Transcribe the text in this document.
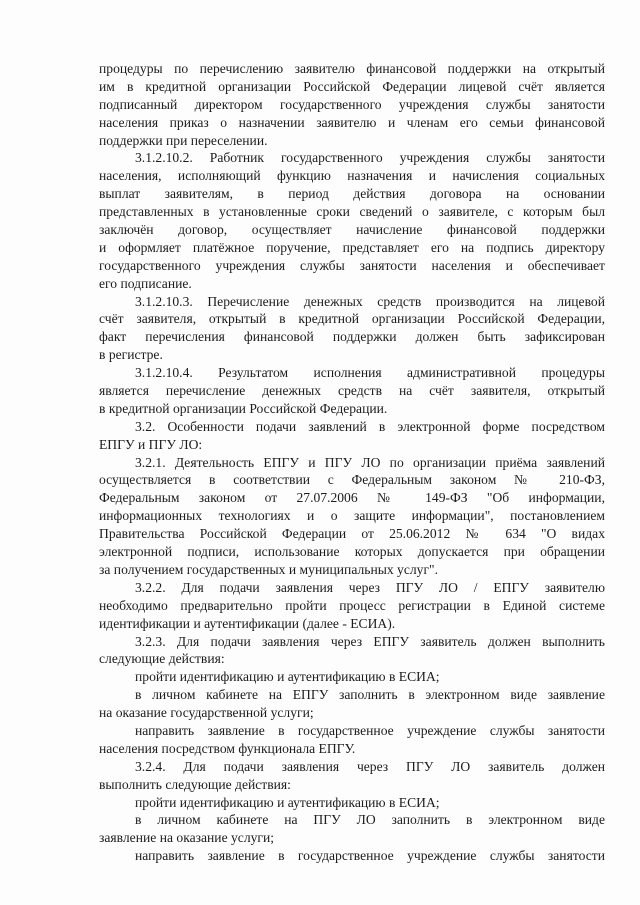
процедуры по перечислению заявителю финансовой поддержки на открытый
им в кредитной организации Российской Федерации лицевой счёт является
подписанный директором государственного учреждения службы занятости
населения приказ о назначении заявителю и членам его семьи финансовой
поддержки при переселении.
3.1.2.10.2. Работник государственного учреждения службы занятости
населения, исполняющий функцию назначения и начисления социальных
выплат заявителям, в период действия договора на основании
представленных в установленные сроки сведений о заявителе, с которым был
заключён договор, осуществляет начисление финансовой поддержки
и оформляет платёжное поручение, представляет его на подпись директору
государственного учреждения службы занятости населения и обеспечивает
его подписание.
3.1.2.10.3. Перечисление денежных средств производится на лицевой
счёт заявителя, открытый в кредитной организации Российской Федерации,
факт перечисления финансовой поддержки должен быть зафиксирован
в регистре.
3.1.2.10.4. Результатом исполнения административной процедуры
является перечисление денежных средств на счёт заявителя, открытый
в кредитной организации Российской Федерации.
3.2. Особенности подачи заявлений в электронной форме посредством
ЕПГУ и ПГУ ЛО:
3.2.1. Деятельность ЕПГУ и ПГУ ЛО по организации приёма заявлений
осуществляется в соответствии с Федеральным законом № 210-ФЗ,
Федеральным законом от 27.07.2006 № 149-ФЗ "Об информации,
информационных технологиях и о защите информации", постановлением
Правительства Российской Федерации от 25.06.2012 № 634 "О видах
электронной подписи, использование которых допускается при обращении
за получением государственных и муниципальных услуг".
3.2.2. Для подачи заявления через ПГУ ЛО / ЕПГУ заявителю
необходимо предварительно пройти процесс регистрации в Единой системе
идентификации и аутентификации (далее - ЕСИА).
3.2.3. Для подачи заявления через ЕПГУ заявитель должен выполнить
следующие действия:
пройти идентификацию и аутентификацию в ЕСИА;
в личном кабинете на ЕПГУ заполнить в электронном виде заявление
на оказание государственной услуги;
направить заявление в государственное учреждение службы занятости
населения посредством функционала ЕПГУ.
3.2.4. Для подачи заявления через ПГУ ЛО заявитель должен
выполнить следующие действия:
пройти идентификацию и аутентификацию в ЕСИА;
в личном кабинете на ПГУ ЛО заполнить в электронном виде
заявление на оказание услуги;
направить заявление в государственное учреждение службы занятости
